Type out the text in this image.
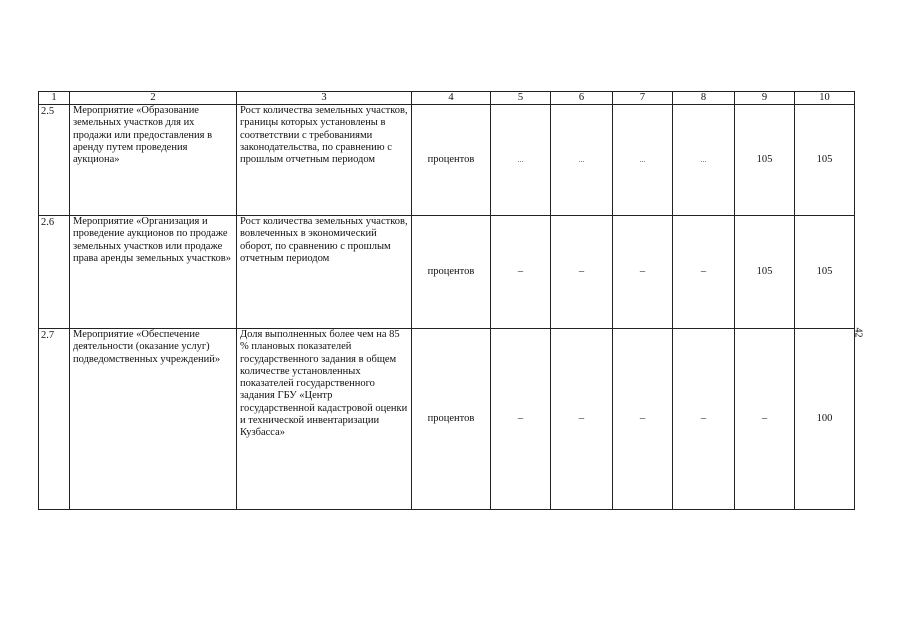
1	2	3	4	5	6	7	8	9	10
2.5	Мероприятие «Образование земельных участков для их продажи или предоставления в аренду путем проведения аукциона»	Рост количества земельных участков, границы которых установлены в соответствии с требованиями законодательства, по сравнению с прошлым отчетным периодом	процентов	...	...	...	...	105	105
2.6	Мероприятие «Организация и проведение аукционов по продаже земельных участков или продаже права аренды земельных участков»	Рост количества земельных участков, вовлеченных в экономический оборот, по сравнению с прошлым отчетным периодом	процентов	–	–	–	–	105	105
2.7	Мероприятие «Обеспечение деятельности (оказание услуг) подведомственных учреждений»	Доля выполненных более чем на 85 % плановых показателей государственного задания в общем количестве установленных показателей государственного задания ГБУ «Центр государственной кадастровой оценки и технической инвентаризации Кузбасса»	процентов	–	–	–	–	–	100
42
